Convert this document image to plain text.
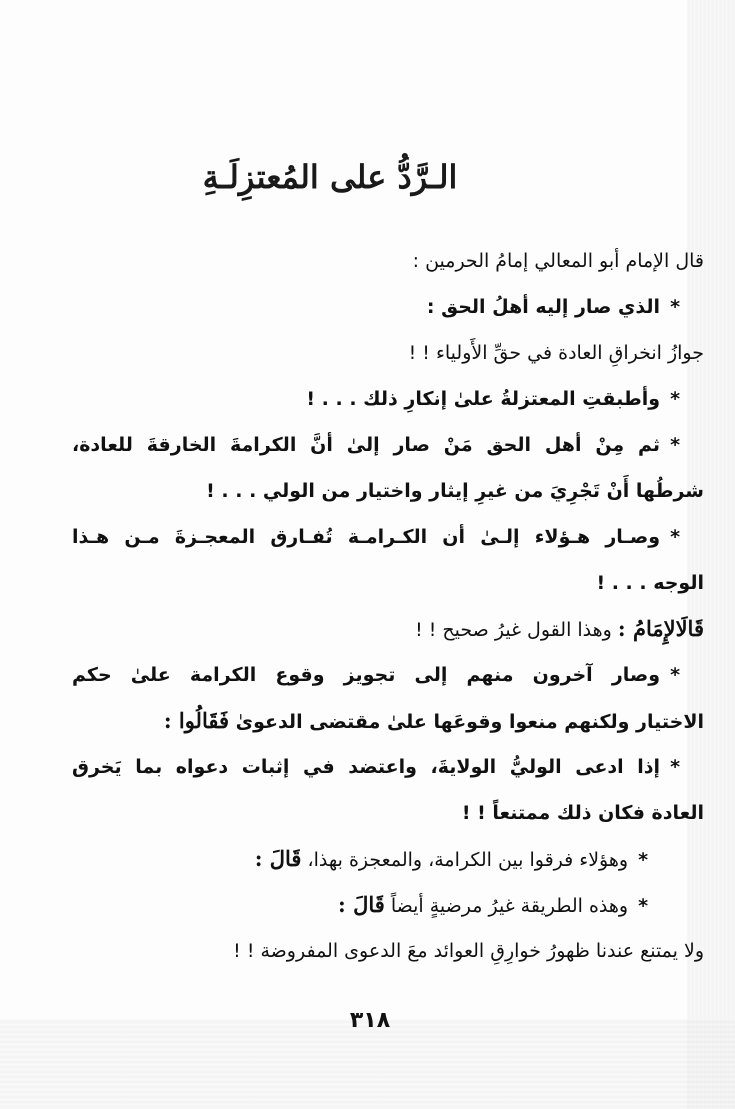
الـرَّدُّ على المُعتزِلَـةِ
قال الإمام أبو المعالي إمامُ الحرمين :
*الذي صار إليه أهلُ الحق :
جوازُ انخراقِ العادة في حقِّ الأَولياء ! !
*وأطبقتِ المعتزلةُ علىٰ إنكارِ ذلك . . . !
*ثم مِنْ أهل الحق مَنْ صار إلىٰ أنَّ الكرامةَ الخارقةَ للعادة،
شرطُها أَنْ تَجْرِيَ من غيرِ إيثار واختيار من الولي . . . !
*وصـار هـؤلاء إلـىٰ أن الكـرامـة تُفـارق المعجـزةَ مـن هـذا
الوجه . . . !
قَالَالإِمَامُ : وهذا القول غيرُ صحيح ! !
*وصار آخرون منهم إلى تجويز وقوع الكرامة علىٰ حكم
الاختيار ولكنهم منعوا وقوعَها علىٰ مقتضى الدعوىٰ فَقَالُوا :
*إذا ادعى الوليُّ الولايةَ، واعتضد في إثبات دعواه بما يَخرق
العادة فكان ذلك ممتنعاً ! !
*وهؤلاء فرقوا بين الكرامة، والمعجزة بهذا، قَالَ :
*وهذه الطريقة غيرُ مرضيةٍ أيضاً قَالَ :
ولا يمتنع عندنا ظهورُ خوارِقِ العوائد معَ الدعوى المفروضة ! !
٣١٨
